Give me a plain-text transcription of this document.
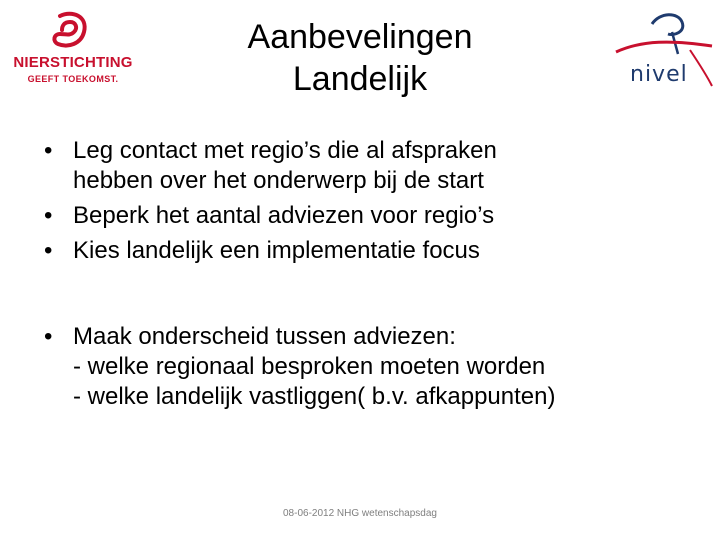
NIERSTICHTING
GEEFT TOEKOMST.
Aanbevelingen
Landelijk	nivel
• Leg contact met regio’s die al afspraken
hebben over het onderwerp bij de start
• Beperk het aantal adviezen voor regio’s
• Kies landelijk een implementatie focus
• Maak onderscheid tussen adviezen:
- welke regionaal besproken moeten worden
- welke landelijk vastliggen( b.v. afkappunten)
08-06-2012 NHG wetenschapsdag
